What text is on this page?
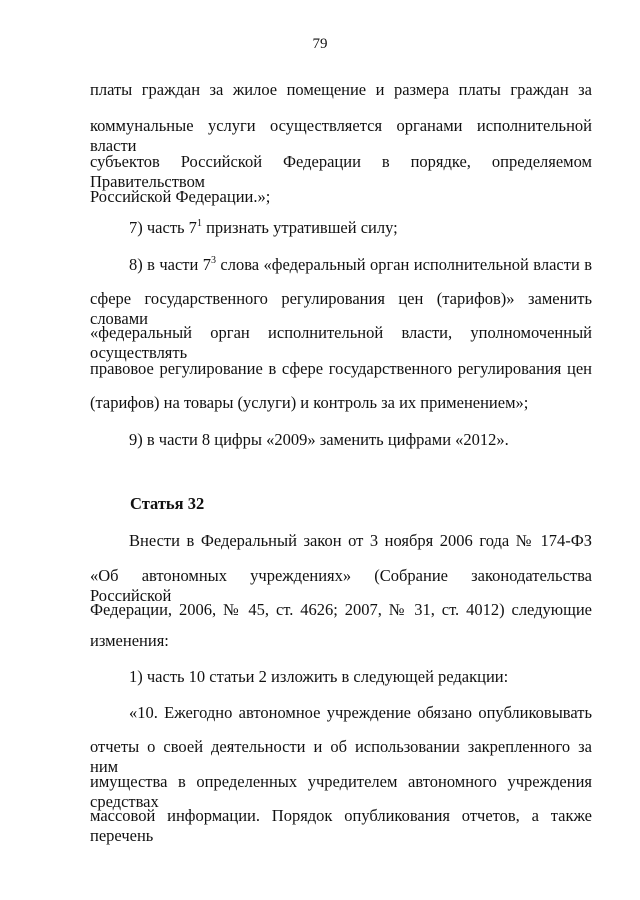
79
платы граждан за жилое помещение и размера платы граждан за
коммунальные услуги осуществляется органами исполнительной власти
субъектов Российской Федерации в порядке, определяемом Правительством
Российской Федерации.»;
7) часть $7^1$ признать утратившей силу;
8) в части $7^3$ слова «федеральный орган исполнительной власти в
сфере государственного регулирования цен (тарифов)» заменить словами
«федеральный орган исполнительной власти, уполномоченный осуществлять
правовое регулирование в сфере государственного регулирования цен
(тарифов) на товары (услуги) и контроль за их применением»;
9) в части 8 цифры «2009» заменить цифрами «2012».
Статья 32
Внести в Федеральный закон от 3 ноября 2006 года № 174-ФЗ
«Об автономных учреждениях» (Собрание законодательства Российской
Федерации, 2006, № 45, ст. 4626; 2007, № 31, ст. 4012) следующие
изменения:
1) часть 10 статьи 2 изложить в следующей редакции:
«10. Ежегодно автономное учреждение обязано опубликовывать
отчеты о своей деятельности и об использовании закрепленного за ним
имущества в определенных учредителем автономного учреждения средствах
массовой информации. Порядок опубликования отчетов, а также перечень
